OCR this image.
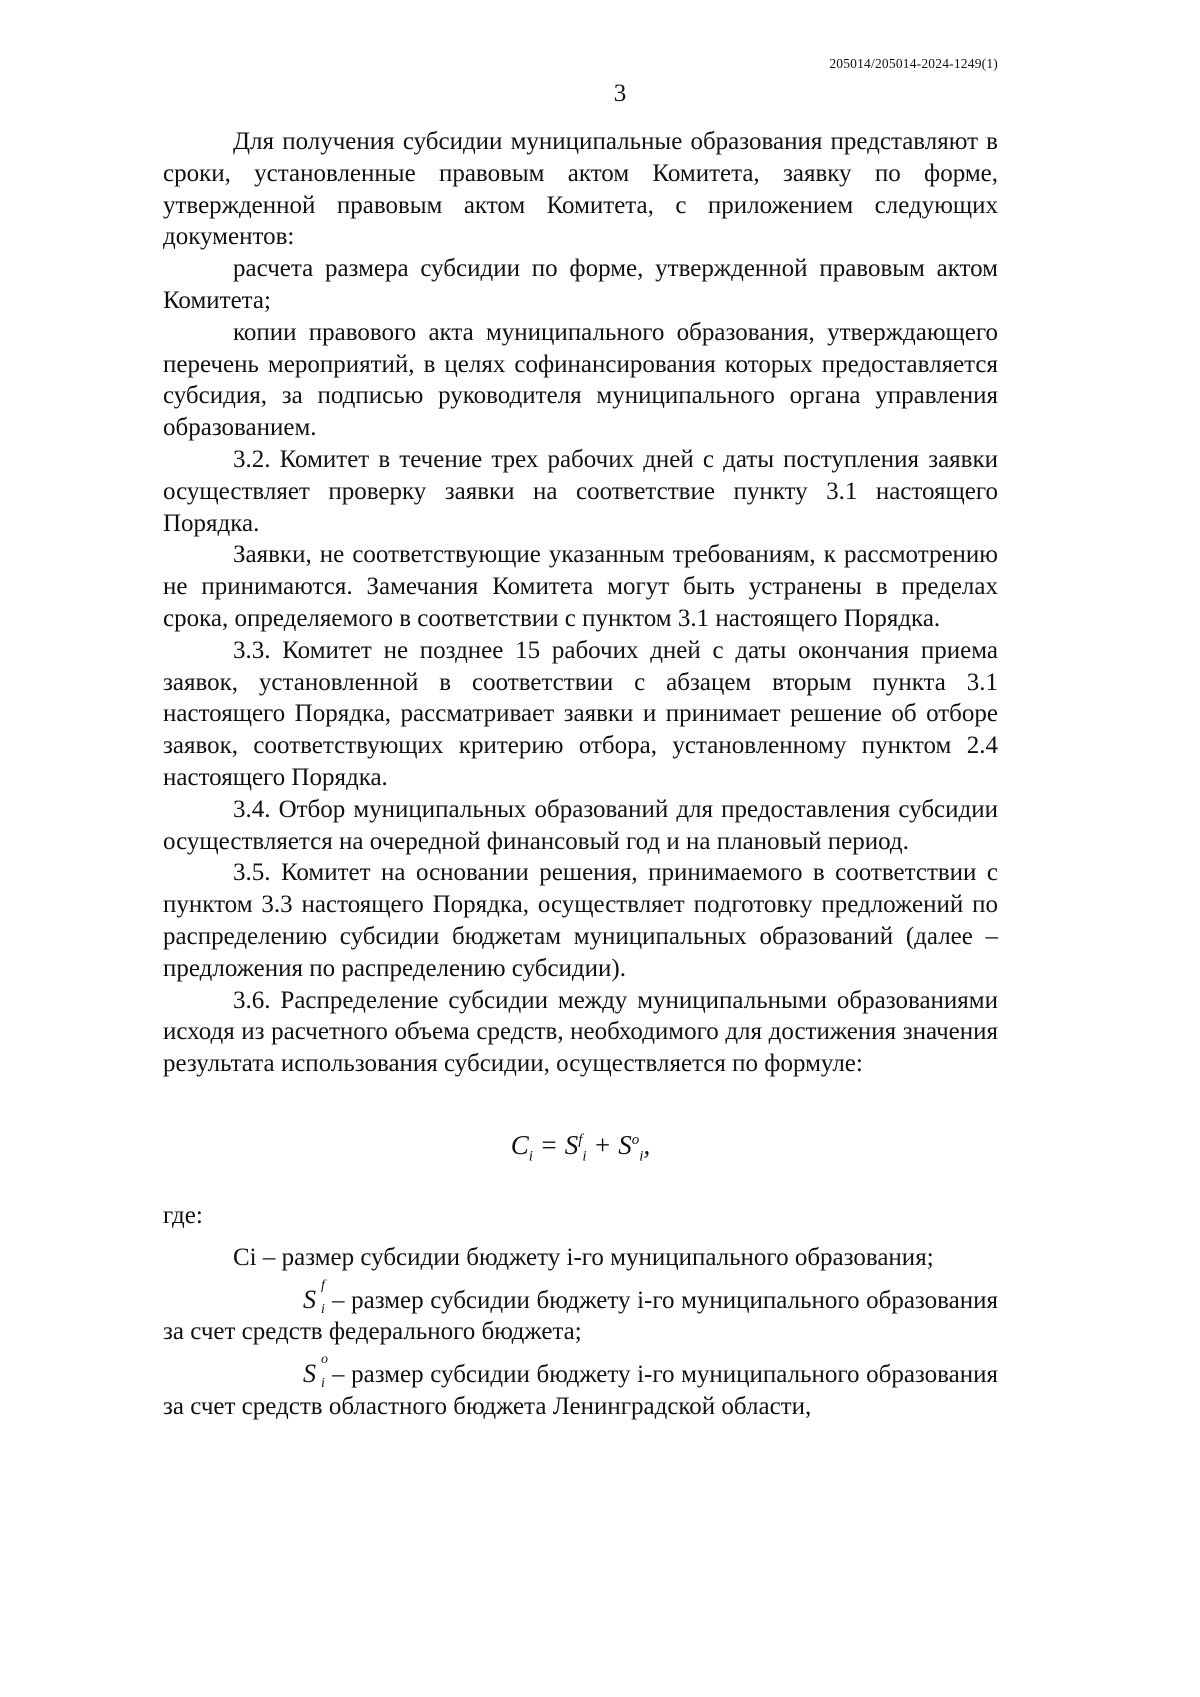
205014/205014-2024-1249(1)
3

Для получения субсидии муниципальные образования представляют в сроки, установленные правовым актом Комитета, заявку по форме, утвержденной правовым актом Комитета, с приложением следующих документов:

расчета размера субсидии по форме, утвержденной правовым актом Комитета;

копии правового акта муниципального образования, утверждающего перечень мероприятий, в целях софинансирования которых предоставляется субсидия, за подписью руководителя муниципального органа управления образованием.

3.2. Комитет в течение трех рабочих дней с даты поступления заявки осуществляет проверку заявки на соответствие пункту 3.1 настоящего Порядка.

Заявки, не соответствующие указанным требованиям, к рассмотрению не принимаются. Замечания Комитета могут быть устранены в пределах срока, определяемого в соответствии с пунктом 3.1 настоящего Порядка.

3.3. Комитет не позднее 15 рабочих дней с даты окончания приема заявок, установленной в соответствии с абзацем вторым пункта 3.1 настоящего Порядка, рассматривает заявки и принимает решение об отборе заявок, соответствующих критерию отбора, установленному пунктом 2.4 настоящего Порядка.

3.4. Отбор муниципальных образований для предоставления субсидии осуществляется на очередной финансовый год и на плановый период.

3.5. Комитет на основании решения, принимаемого в соответствии с пунктом 3.3 настоящего Порядка, осуществляет подготовку предложений по распределению субсидии бюджетам муниципальных образований (далее – предложения по распределению субсидии).

3.6. Распределение субсидии между муниципальными образованиями исходя из расчетного объема средств, необходимого для достижения значения результата использования субсидии, осуществляется по формуле:

$C_i = S^f_i + S^o_i$,

где:

Ci – размер субсидии бюджету i-го муниципального образования;

S f
i – размер субсидии бюджету i-го муниципального образования за счет средств федерального бюджета;

S o
i – размер субсидии бюджету i-го муниципального образования за счет средств областного бюджета Ленинградской области,
